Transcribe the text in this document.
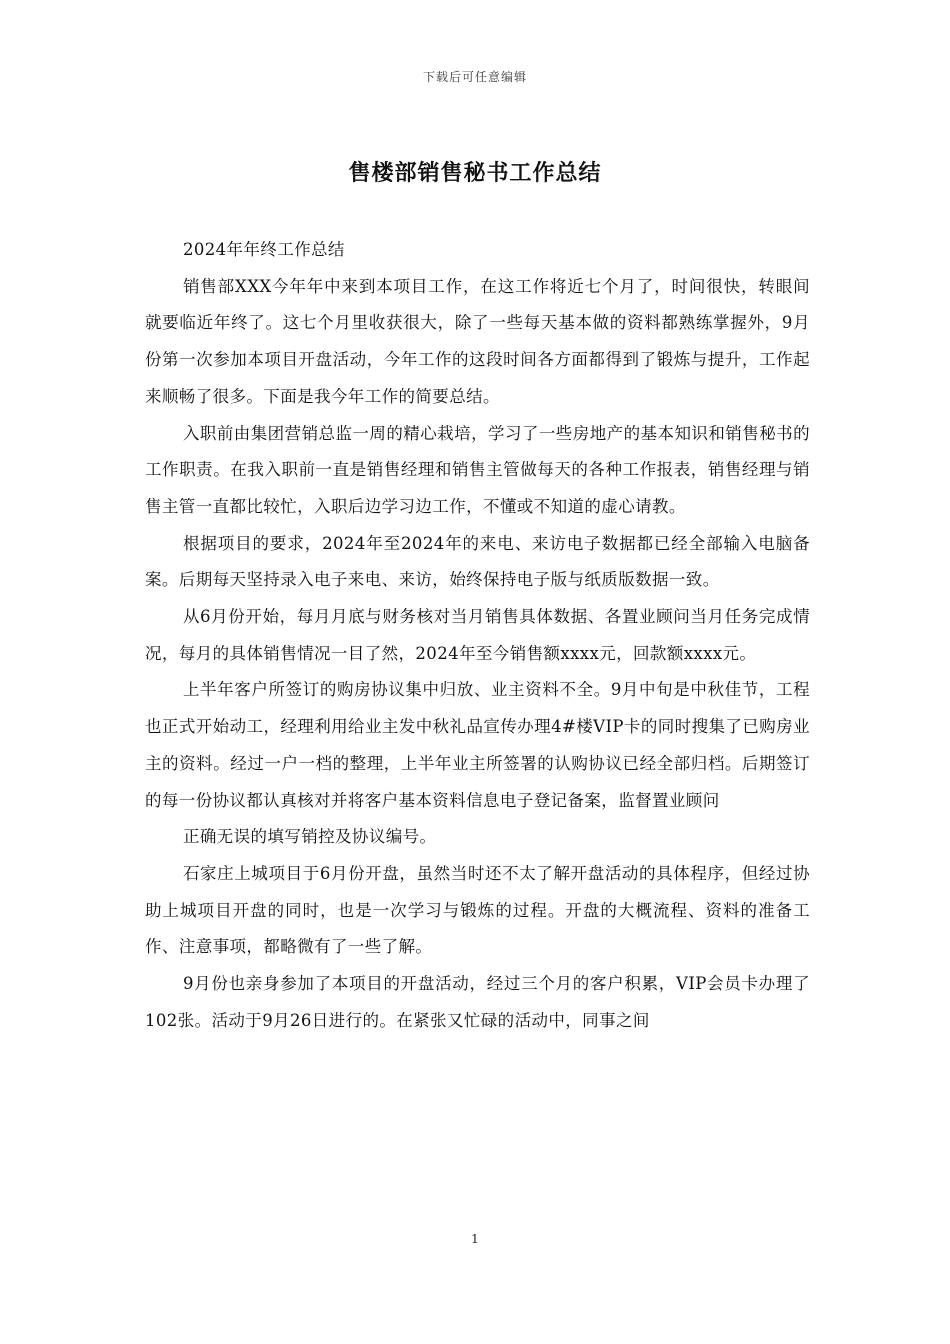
下载后可任意编辑
售楼部销售秘书工作总结

2024年年终工作总结

销售部XXX今年年中来到本项目工作，在这工作将近七个月了，时间很快，转眼间就要临近年终了。这七个月里收获很大，除了一些每天基本做的资料都熟练掌握外，9月份第一次参加本项目开盘活动，今年工作的这段时间各方面都得到了锻炼与提升，工作起来顺畅了很多。下面是我今年工作的简要总结。

入职前由集团营销总监一周的精心栽培，学习了一些房地产的基本知识和销售秘书的工作职责。在我入职前一直是销售经理和销售主管做每天的各种工作报表，销售经理与销售主管一直都比较忙，入职后边学习边工作，不懂或不知道的虚心请教。

根据项目的要求，2024年至2024年的来电、来访电子数据都已经全部输入电脑备案。后期每天坚持录入电子来电、来访，始终保持电子版与纸质版数据一致。

从6月份开始，每月月底与财务核对当月销售具体数据、各置业顾问当月任务完成情况，每月的具体销售情况一目了然，2024年至今销售额xxxx元，回款额xxxx元。

上半年客户所签订的购房协议集中归放、业主资料不全。9月中旬是中秋佳节，工程也正式开始动工，经理利用给业主发中秋礼品宣传办理4#楼VIP卡的同时搜集了已购房业主的资料。经过一户一档的整理，上半年业主所签署的认购协议已经全部归档。后期签订的每一份协议都认真核对并将客户基本资料信息电子登记备案，监督置业顾问

正确无误的填写销控及协议编号。

石家庄上城项目于6月份开盘，虽然当时还不太了解开盘活动的具体程序，但经过协助上城项目开盘的同时，也是一次学习与锻炼的过程。开盘的大概流程、资料的准备工作、注意事项，都略微有了一些了解。

9月份也亲身参加了本项目的开盘活动，经过三个月的客户积累，VIP会员卡办理了102张。活动于9月26日进行的。在紧张又忙碌的活动中，同事之间

1
